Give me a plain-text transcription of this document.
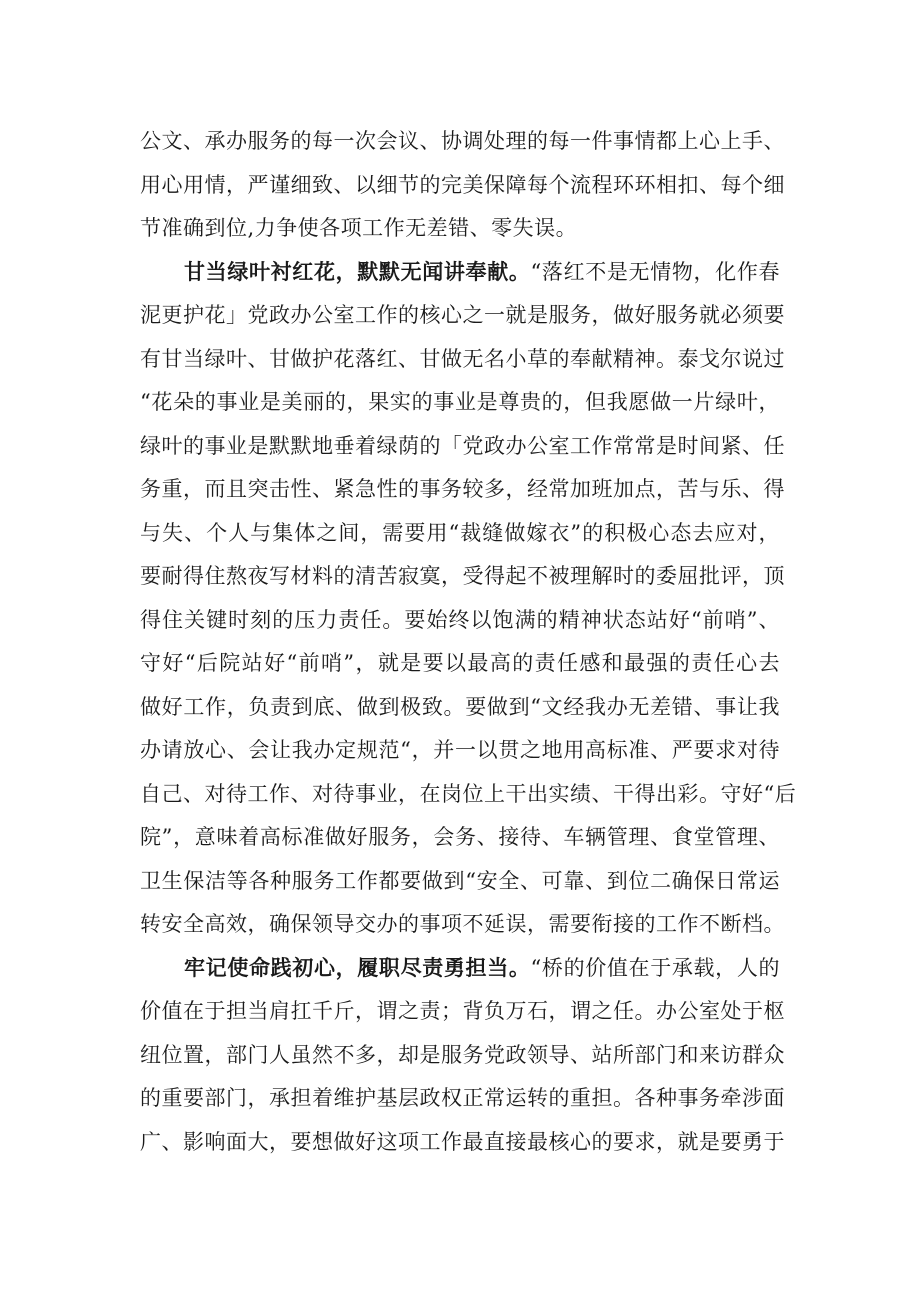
公文、承办服务的每一次会议、协调处理的每一件事情都上心上手、
用心用情，严谨细致、以细节的完美保障每个流程环环相扣、每个细
节准确到位,力争使各项工作无差错、零失误。
甘当绿叶衬红花，默默无闻讲奉献。“落红不是无情物，化作春
泥更护花」党政办公室工作的核心之一就是服务，做好服务就必须要
有甘当绿叶、甘做护花落红、甘做无名小草的奉献精神。泰戈尔说过
“花朵的事业是美丽的，果实的事业是尊贵的，但我愿做一片绿叶，
绿叶的事业是默默地垂着绿荫的「党政办公室工作常常是时间紧、任
务重，而且突击性、紧急性的事务较多，经常加班加点，苦与乐、得
与失、个人与集体之间，需要用“裁缝做嫁衣”的积极心态去应对，
要耐得住熬夜写材料的清苦寂寞，受得起不被理解时的委屈批评，顶
得住关键时刻的压力责任。要始终以饱满的精神状态站好“前哨”、
守好“后院站好“前哨”，就是要以最高的责任感和最强的责任心去
做好工作，负责到底、做到极致。要做到“文经我办无差错、事让我
办请放心、会让我办定规范“，并一以贯之地用高标准、严要求对待
自己、对待工作、对待事业，在岗位上干出实绩、干得出彩。守好“后
院”，意味着高标准做好服务，会务、接待、车辆管理、食堂管理、
卫生保洁等各种服务工作都要做到“安全、可靠、到位二确保日常运
转安全高效，确保领导交办的事项不延误，需要衔接的工作不断档。
牢记使命践初心，履职尽责勇担当。“桥的价值在于承载，人的
价值在于担当肩扛千斤，谓之责；背负万石，谓之任。办公室处于枢
纽位置，部门人虽然不多，却是服务党政领导、站所部门和来访群众
的重要部门，承担着维护基层政权正常运转的重担。各种事务牵涉面
广、影响面大，要想做好这项工作最直接最核心的要求，就是要勇于
